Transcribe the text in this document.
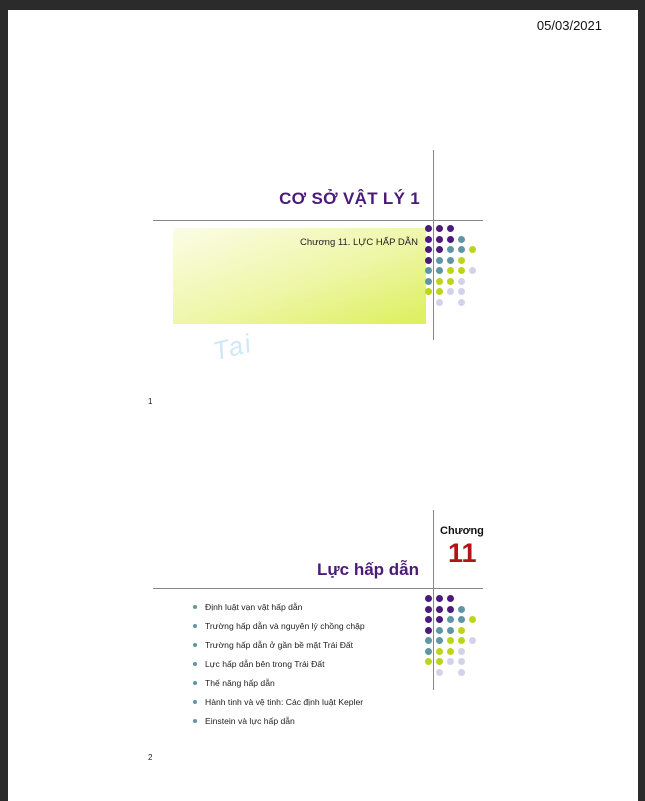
05/03/2021
CƠ SỞ VẬT LÝ 1
Chương 11. LỰC HẤP DẪN
Tai
1
Chương
11
Lực hấp dẫn
Định luật vạn vật hấp dẫn
Trường hấp dẫn và nguyên lý chồng chập
Trường hấp dẫn ở gần bề mặt Trái Đất
Lực hấp dẫn bên trong Trái Đất
Thế năng hấp dẫn
Hành tinh và vệ tinh: Các định luật Kepler
Einstein và lực hấp dẫn
2
